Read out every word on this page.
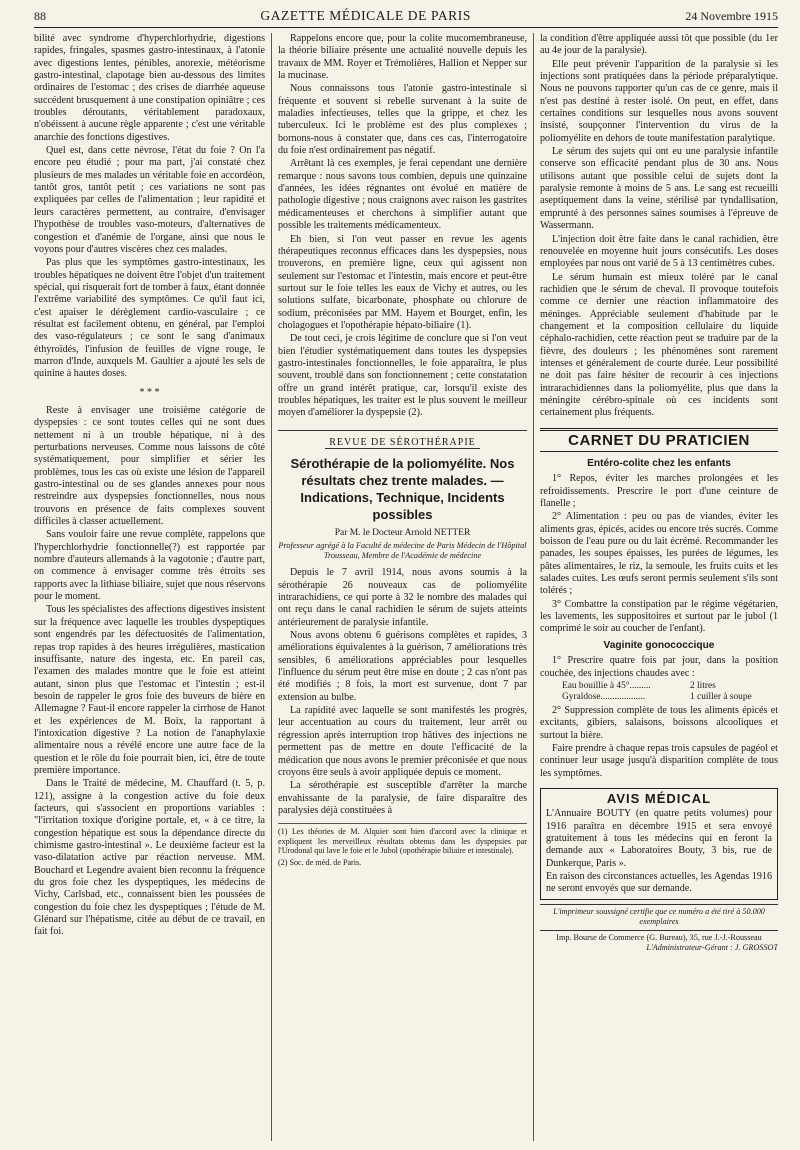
88	GAZETTE MÉDICALE DE PARIS	24 Novembre 1915

bilité avec syndrome d'hyperchlorhydrie, digestions rapides, fringales, spasmes gastro-intestinaux, à l'atonie avec digestions lentes, pénibles, anorexie, météorisme gastro-intestinal, clapotage bien au-dessous des limites ordinaires de l'estomac ; des crises de diarrhée aqueuse succédent brusquement à une constipation opiniâtre ; ces troubles déroutants, véritablement paradoxaux, n'obéissent à aucune règle apparente ; c'est une véritable anarchie des fonctions digestives.

Quel est, dans cette névrose, l'état du foie ? On l'a encore peu étudié ; pour ma part, j'ai constaté chez plusieurs de mes malades un véritable foie en accordéon, tantôt gros, tantôt petit ; ces variations ne sont pas expliquées par celles de l'alimentation ; leur rapidité et leurs caractères permettent, au contraire, d'envisager l'hypothèse de troubles vaso-moteurs, d'alternatives de congestion et d'anémie de l'organe, ainsi que nous le voyons pour d'autres viscères chez ces malades.

Pas plus que les symptômes gastro-intestinaux, les troubles hépatiques ne doivent être l'objet d'un traitement spécial, qui risquerait fort de tomber à faux, étant donnée l'extrême variabilité des symptômes. Ce qu'il faut ici, c'est apaiser le dérèglement cardio-vasculaire ; ce résultat est facilement obtenu, en général, par l'emploi des vaso-régulateurs ; ce sont le sang d'animaux éthyroïdés, l'infusion de feuilles de vigne rouge, le marron d'Inde, auxquels M. Gaultier a ajouté les sels de quinine à hautes doses.

* * *

Reste à envisager une troisième catégorie de dyspepsies : ce sont toutes celles qui ne sont dues nettement ni à un trouble hépatique, ni à des perturbations nerveuses. Comme nous laissons de côté systématiquement, pour simplifier et sérier les problèmes, tous les cas où existe une lésion de l'appareil gastro-intestinal ou de ses glandes annexes pour nous restreindre aux dyspepsies fonctionnelles, nous nous trouvons en présence de faits complexes souvent difficiles à classer actuellement.

Sans vouloir faire une revue complète, rappelons que l'hyperchlorhydrie fonctionnelle(?) est rapportée par nombre d'auteurs allemands à la vagotonie ; d'autre part, on commence à envisager comme très étroits ses rapports avec la lithiase biliaire, sujet que nous réservons pour le moment.

Tous les spécialistes des affections digestives insistent sur la fréquence avec laquelle les troubles dyspeptiques sont engendrés par les défectuosités de l'alimentation, repas trop rapides à des heures irrégulières, mastication insuffisante, nature des ingesta, etc. En pareil cas, l'examen des malades montre que le foie est atteint autant, sinon plus que l'estomac et l'intestin ; est-il besoin de rappeler le gros foie des buveurs de bière en Allemagne ? Faut-il encore rappeler la cirrhose de Hanot et les expériences de M. Boix, la rapportant à l'intoxication digestive ? La notion de l'anaphylaxie alimentaire nous a révélé encore une autre face de la question et le rôle du foie pourrait bien, ici, être de toute première importance.

Dans le Traité de médecine, M. Chauffard (t. 5, p. 121), assigne à la congestion active du foie deux facteurs, qui s'associent en proportions variables : "l'irritation toxique d'origine portale, et, « à ce titre, la congestion hépatique est sous la dépendance directe du chimisme gastro-intestinal ». Le deuxième facteur est la vaso-dilatation active par réaction nerveuse. MM. Bouchard et Legendre avaient bien reconnu la fréquence du gros foie chez les dyspeptiques, les médecins de Vichy, Carlsbad, etc., connaissent bien les poussées de congestion du foie chez les dyspeptiques ; l'étude de M. Glénard sur l'hépatisme, citée au début de ce travail, en fait foi.

Rappelons encore que, pour la colite mucomembraneuse, la théorie biliaire présente une actualité nouvelle depuis les travaux de MM. Royer et Trémolières, Hallion et Nepper sur la mucinase.

Nous connaissons tous l'atonie gastro-intestinale si fréquente et souvent si rebelle survenant à la suite de maladies infectieuses, telles que la grippe, et chez les tuberculeux. Ici le problème est des plus complexes ; bornons-nous à constater que, dans ces cas, l'interrogatoire du foie n'est ordinairement pas négatif.

Arrêtant là ces exemples, je ferai cependant une dernière remarque : nous savons tous combien, depuis une quinzaine d'années, les idées régnantes ont évolué en matière de pathologie digestive ; nous craignons avec raison les gastrites médicamenteuses et cherchons à simplifier autant que possible les traitements médicamenteux.

Eh bien, si l'on veut passer en revue les agents thérapeutiques reconnus efficaces dans les dyspepsies, nous trouverons, en première ligne, ceux qui agissent non seulement sur l'estomac et l'intestin, mais encore et peut-être surtout sur le foie telles les eaux de Vichy et autres, ou les solutions sulfate, bicarbonate, phosphate ou chlorure de sodium, préconisées par MM. Hayem et Bourget, enfin, les cholagogues et l'opothérapie hépato-biliaire (1).

De tout ceci, je crois légitime de conclure que si l'on veut bien l'étudier systématiquement dans toutes les dyspepsies gastro-intestinales fonctionnelles, le foie apparaîtra, le plus souvent, troublé dans son fonctionnement ; cette constatation offre un grand intérêt pratique, car, lorsqu'il existe des troubles hépatiques, les traiter est le plus souvent le meilleur moyen d'améliorer la dyspepsie (2).

REVUE DE SÉROTHÉRAPIE
Sérothérapie de la poliomyélite. Nos résultats chez trente malades. — Indications, Technique, Incidents possibles
Par M. le Docteur Arnold NETTER
Professeur agrégé à la Faculté de médecine de Paris Médecin de l'Hôpital Trousseau, Membre de l'Académie de médecine

Depuis le 7 avril 1914, nous avons soumis à la sérothérapie 26 nouveaux cas de poliomyélite intrarachidiens, ce qui porte à 32 le nombre des malades qui ont reçu dans le canal rachidien le sérum de sujets atteints antérieurement de paralysie infantile.

Nous avons obtenu 6 guérisons complètes et rapides, 3 améliorations équivalentes à la guérison, 7 améliorations très sensibles, 6 améliorations appréciables pour lesquelles l'influence du sérum peut être mise en doute ; 2 cas n'ont pas été modifiés ; 8 fois, la mort est survenue, dont 7 par extension au bulbe.

La rapidité avec laquelle se sont manifestés les progrès, leur accentuation au cours du traitement, leur arrêt ou régression après interruption trop hâtives des injections ne permettent pas de mettre en doute l'efficacité de la médication que nous avons le premier préconisée et que nous croyons être seuls à avoir appliquée depuis ce moment.

La sérothérapie est susceptible d'arrêter la marche envahissante de la paralysie, de faire disparaître des paralysies déjà constituées à

(1) Les théories de M. Alquier sont bien d'accord avec la clinique et expliquent les merveilleux résultats obtenus dans les dyspepsies par l'Urodonal qui lave le foie et le Jubol (opothérapie biliaire et intestinale).
(2) Soc. de méd. de Paris.

la condition d'être appliquée aussi tôt que possible (du 1er au 4e jour de la paralysie).

Elle peut prévenir l'apparition de la paralysie si les injections sont pratiquées dans la période préparalytique. Nous ne pouvons rapporter qu'un cas de ce genre, mais il n'est pas destiné à rester isolé. On peut, en effet, dans certaines conditions sur lesquelles nous avons souvent insisté, soupçonner l'intervention du virus de la poliomyélite en dehors de toute manifestation paralytique.

Le sérum des sujets qui ont eu une paralysie infantile conserve son efficacité pendant plus de 30 ans. Nous utilisons autant que possible celui de sujets dont la paralysie remonte à moins de 5 ans. Le sang est recueilli aseptiquement dans la veine, stérilisé par tyndallisation, emprunté à des personnes saines soumises à l'épreuve de Wassermann.

L'injection doit être faite dans le canal rachidien, être renouvelée en moyenne huit jours consécutifs. Les doses employées par nous ont varié de 5 à 13 centimètres cubes.

Le sérum humain est mieux toléré par le canal rachidien que le sérum de cheval. Il provoque toutefois comme ce dernier une réaction inflammatoire des méninges. Appréciable seulement d'habitude par le changement et la composition cellulaire du liquide céphalo-rachidien, cette réaction peut se traduire par de la fièvre, des douleurs ; les phénomènes sont rarement intenses et généralement de courte durée. Leur possibilité ne doit pas faire hésiter de recourir à ces injections intrarachidiennes dans la poliomyélite, plus que dans la méningite cérébro-spinale où ces incidents sont certainement plus fréquents.

CARNET DU PRATICIEN
Entéro-colite chez les enfants

1° Repos, éviter les marches prolongées et les refroidissements. Prescrire le port d'une ceinture de flanelle ;

2° Alimentation : peu ou pas de viandes, éviter les aliments gras, épicés, acides ou encore très sucrés. Comme boisson de l'eau pure ou du lait écrémé. Recommander les panades, les soupes épaisses, les purées de légumes, les pâtes alimentaires, le riz, la semoule, les fruits cuits et les salades cuites. Les œufs seront permis seulement s'ils sont tolérés ;

3° Combattre la constipation par le régime végétarien, les lavements, les suppositoires et surtout par le jubol (1 comprimé le soir au coucher de l'enfant).

Vaginite gonococcique

1° Prescrire quatre fois par jour, dans la position couchée, des injections chaudes avec :

Eau bouillie à 45°.........	2 litres
Gyraldose...................	1 cuiller à soupe

2° Suppression complète de tous les aliments épicés et excitants, gibiers, salaisons, boissons alcooliques et surtout la bière.

Faire prendre à chaque repas trois capsules de pagéol et continuer leur usage jusqu'à disparition complète de tous les symptômes.

AVIS MÉDICAL

L'Annuaire BOUTY (en quatre petits volumes) pour 1916 paraîtra en décembre 1915 et sera envoyé gratuitement à tous les médecins qui en feront la demande aux « Laboratoires Bouty, 3 bis, rue de Dunkerque, Paris ».

En raison des circonstances actuelles, les Agendas 1916 ne seront envoyés que sur demande.

L'imprimeur soussigné certifie que ce numéro a été tiré à 50.000 exemplaires
Imp. Bourse de Commerce (G. Bureau), 35, rue J.-J.-Rousseau
L'Administrateur-Gérant : J. GROSSOT
